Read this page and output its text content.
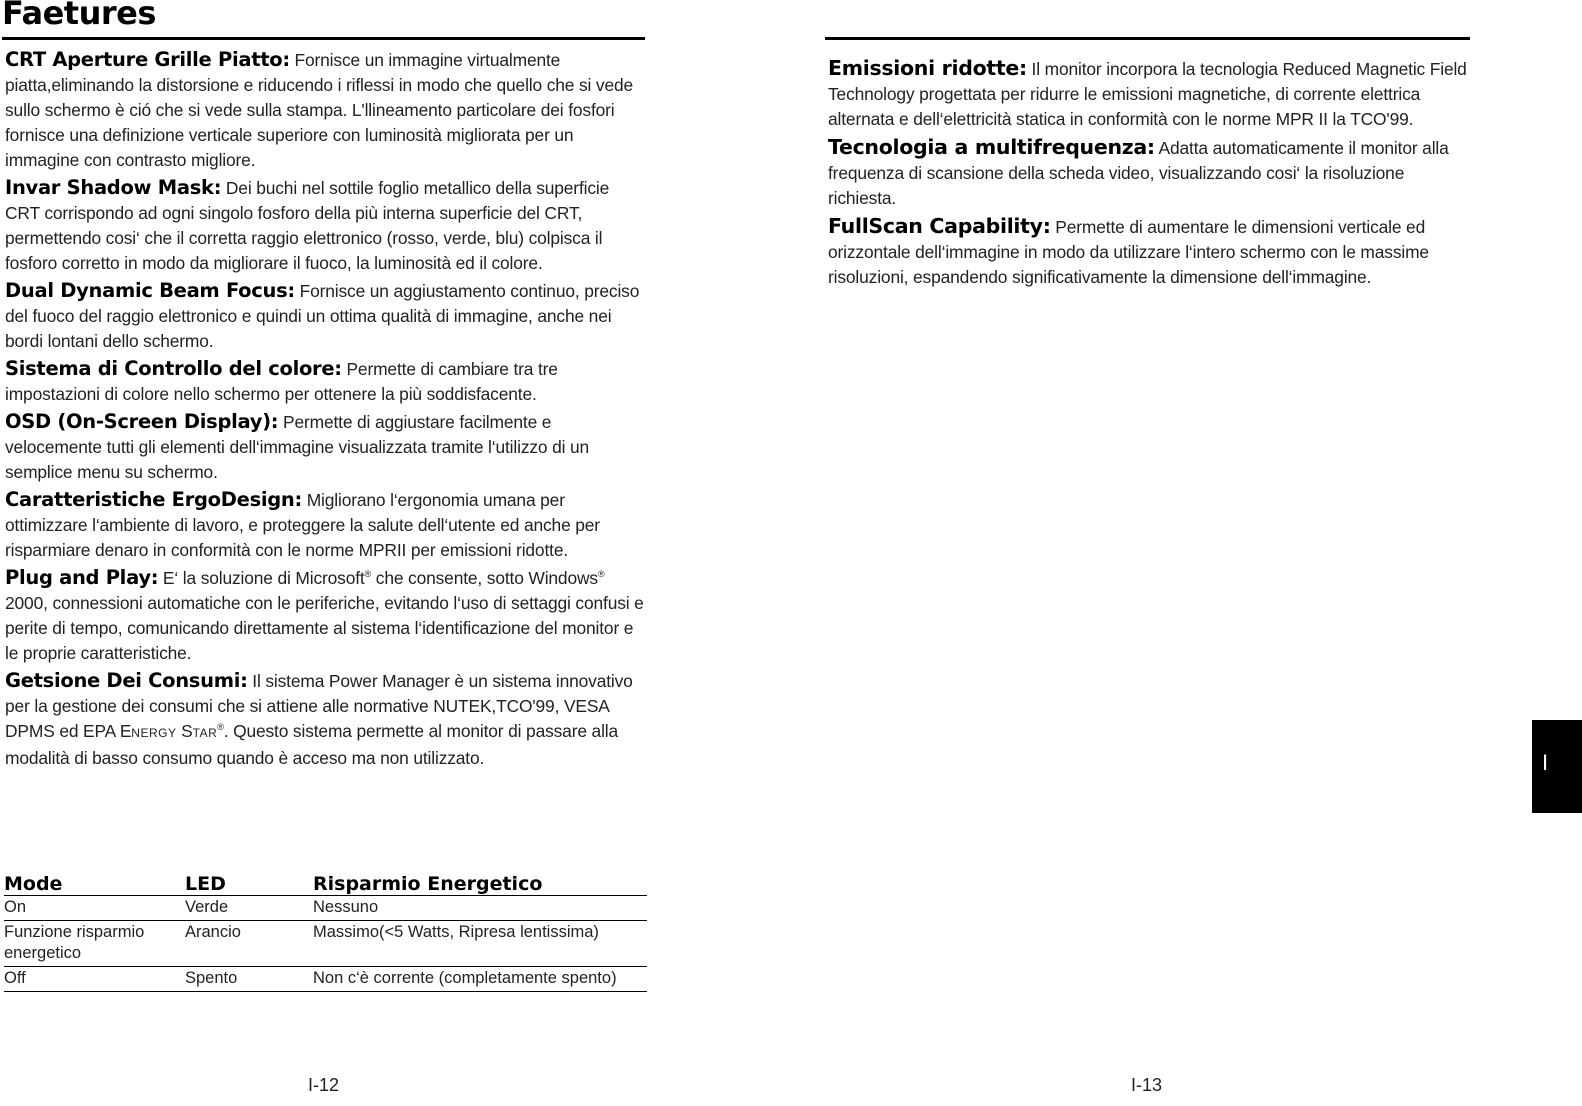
Faetures

CRT Aperture Grille Piatto: Fornisce un immagine virtualmente piatta,eliminando la distorsione e riducendo i riflessi in modo che quello che si vede sullo schermo è ció che si vede sulla stampa. L'llineamento particolare dei fosfori fornisce una definizione verticale superiore con luminosità migliorata per un immagine con contrasto migliore.

Invar Shadow Mask: Dei buchi nel sottile foglio metallico della superficie CRT corrispondo ad ogni singolo fosforo della più interna superficie del CRT, permettendo cosi‘ che il corretta raggio elettronico (rosso, verde, blu) colpisca il fosforo corretto in modo da migliorare il fuoco, la luminosità ed il colore.

Dual Dynamic Beam Focus: Fornisce un aggiustamento continuo, preciso del fuoco del raggio elettronico e quindi un ottima qualità di immagine, anche nei bordi lontani dello schermo.

Sistema di Controllo del colore: Permette di cambiare tra tre impostazioni di colore nello schermo per ottenere la più soddisfacente.

OSD (On-Screen Display): Permette di aggiustare facilmente e velocemente tutti gli elementi dell‘immagine visualizzata tramite l‘utilizzo di un semplice menu su schermo.

Caratteristiche ErgoDesign: Migliorano l‘ergonomia umana per ottimizzare l‘ambiente di lavoro, e proteggere la salute dell‘utente ed anche per risparmiare denaro in conformità con le norme MPRII per emissioni ridotte.

Plug and Play: E‘ la soluzione di Microsoft® che consente, sotto Windows® 2000, connessioni automatiche con le periferiche, evitando l‘uso di settaggi confusi e perite di tempo, comunicando direttamente al sistema l‘identificazione del monitor e le proprie caratteristiche.

Getsione Dei Consumi: Il sistema Power Manager è un sistema innovativo per la gestione dei consumi che si attiene alle normative NUTEK,TCO'99, VESA DPMS ed EPA ENERGY STAR®. Questo sistema permette al monitor di passare alla modalità di basso consumo quando è acceso ma non utilizzato.

Mode	LED	Risparmio Energetico
On	Verde	Nessuno
Funzione risparmio energetico	Arancio	Massimo(<5 Watts, Ripresa lentissima)
Off	Spento	Non c‘è corrente (completamente spento)

Emissioni ridotte: Il monitor incorpora la tecnologia Reduced Magnetic Field Technology progettata per ridurre le emissioni magnetiche, di corrente elettrica alternata e dell‘elettricità statica in conformità con le norme MPR II la TCO'99.

Tecnologia a multifrequenza: Adatta automaticamente il monitor alla frequenza di scansione della scheda video, visualizzando cosi‘ la risoluzione richiesta.

FullScan Capability: Permette di aumentare le dimensioni verticale ed orizzontale dell‘immagine in modo da utilizzare l‘intero schermo con le massime risoluzioni, espandendo significativamente la dimensione dell‘immagine.

I-12	I-13
I
